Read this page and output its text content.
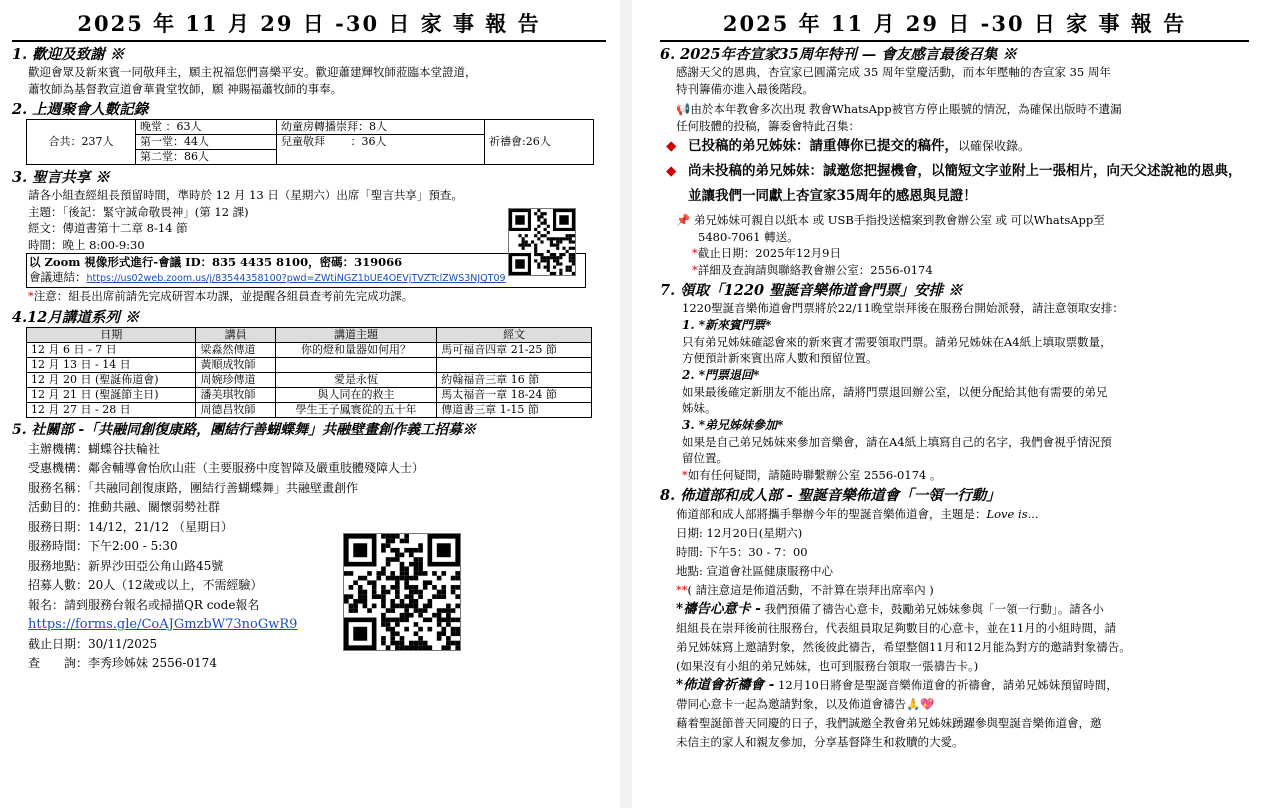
2025 年 11 月 29 日 -30 日 家 事 報 告
1. 歡迎及致謝 ※
歡迎會眾及新來賓一同敬拜主，願主祝福您們喜樂平安。歡迎蕭建輝牧師蒞臨本堂證道，
蕭牧師為基督教宣道會華貴堂牧師，願 神賜福蕭牧師的事奉。
2. 上週聚會人數記錄
合共：237人	晚堂 ：63人	幼童房轉播崇拜：8人	祈禱會:26人
	第一堂：44人	兒童敬拜 　　：36人	
	第二堂：86人		
3. 聖言共享 ※
請各小組查經組長預留時間，準時於 12 月 13 日（星期六）出席「聖言共享」預查。
主題：「後記：緊守誠命敬畏神」(第 12 課)
經文：傳道書第十二章 8-14 節
時間：晚上 8:00-9:30
以 Zoom 視像形式進行-會議 ID：835 4435 8100，密碼：319066
會議連結：https://us02web.zoom.us/j/83544358100?pwd=ZWtiNGZ1bUE4OEVjTVZTclZWS3NJQT09
*注意：組長出席前請先完成研習本功課，並提醒各組員查考前先完成功課。
4.12月講道系列 ※
日期	講員	講道主題	經文
12 月 6 日 - 7 日	梁淼然傳道	你的燈和量器如何用？	馬可福音四章 21-25 節
12 月 13 日 - 14 日	黃順成牧師		
12 月 20 日 (聖誕佈道會)	周婉珍傳道	愛是永恆	約翰福音三章 16 節
12 月 21 日 (聖誕節主日)	潘美琪牧師	與人同在的救主	馬太福音一章 18-24 節
12 月 27 日 - 28 日	周德昌牧師	學生王子鳳寰從的五十年	傳道書三章 1-15 節
5. 社關部 -「共融同創復康路，團結行善蝴蝶舞」共融壁畫創作義工招募※
主辦機構：蝴蝶谷扶輪社
受惠機構：鄰舍輔導會怡欣山莊（主要服務中度智障及嚴重肢體殘障人士）
服務名稱：「共融同創復康路，團結行善蝴蝶舞」共融壁畫創作
活動目的：推動共融、關懷弱勢社群
服務日期：14/12，21/12 （星期日）
服務時間：下午2:00 - 5:30
服務地點：新界沙田亞公角山路45號
招募人數：20人（12歲或以上，不需經驗）
報名：請到服務台報名或掃描QR code報名
https://forms.gle/CoAJGmzbW73noGwR9
截止日期：30/11/2025
查　　詢：李秀珍姊妹 2556-0174
2025 年 11 月 29 日 -30 日 家 事 報 告
6. 2025年杏宣家35周年特刊 — 會友感言最後召集 ※
感謝天父的恩典，杏宣家已圓滿完成 35 周年堂慶活動，而本年壓軸的杏宣家 35 周年
特刊籌備亦進入最後階段。
📢由於本年教會多次出現 教會WhatsApp被官方停止賬號的情況，為確保出版時不遺漏
任何肢體的投稿，籌委會特此召集：
◆ 已投稿的弟兄姊妹：請重傳你已提交的稿件，以確保收錄。
◆ 尚未投稿的弟兄姊妹：誠邀您把握機會，以簡短文字並附上一張相片，向天父述說祂的恩典，並讓我們一同獻上杏宣家35周年的感恩與見證！
📌 弟兄姊妹可親自以紙本 或 USB手指投送檔案到教會辦公室 或 可以WhatsApp至
5480-7061 轉送。
*截止日期：2025年12月9日
*詳細及查詢請與聯絡教會辦公室：2556-0174
7. 領取「1220 聖誕音樂佈道會門票」安排 ※
1220聖誕音樂佈道會門票將於22/11晚堂崇拜後在服務台開始派發，請注意領取安排：
1. *新來賓門票*
只有弟兄姊妹確認會來的新來賓才需要領取門票。請弟兄姊妹在A4紙上填取票數量，
方便預計新來賓出席人數和預留位置。
2. *門票退回*
如果最後確定新朋友不能出席，請將門票退回辦公室，以便分配給其他有需要的弟兄
姊妹。
3. *弟兄姊妹參加*
如果是自己弟兄姊妹來參加音樂會，請在A4紙上填寫自己的名字，我們會視乎情況預
留位置。
*如有任何疑問，請隨時聯繫辦公室 2556-0174 。
8. 佈道部和成人部 - 聖誕音樂佈道會「一領一行動」
佈道部和成人部將攜手舉辦今年的聖誕音樂佈道會，主題是：Love is...
日期: 12月20日(星期六)
時間: 下午5：30 - 7：00
地點: 宣道會社區健康服務中心
**( 請注意這是佈道活動，不計算在崇拜出席率內 )
*禱告心意卡 - 我們預備了禱告心意卡，鼓勵弟兄姊妹參與「一領一行動」。請各小
組組長在崇拜後前往服務台，代表組員取足夠數目的心意卡，並在11月的小組時間，請
弟兄姊妹寫上邀請對象，然後彼此禱告，希望整個11月和12月能為對方的邀請對象禱告。
(如果沒有小組的弟兄姊妹，也可到服務台領取一張禱告卡。)
*佈道會祈禱會 - 12月10日將會是聖誕音樂佈道會的祈禱會，請弟兄姊妹預留時間，
帶同心意卡一起為邀請對象，以及佈道會禱告🙏💖
藉着聖誕節普天同慶的日子，我們誠邀全教會弟兄姊妹踴躍參與聖誕音樂佈道會，邀
未信主的家人和親友參加，分享基督降生和救贖的大愛。
